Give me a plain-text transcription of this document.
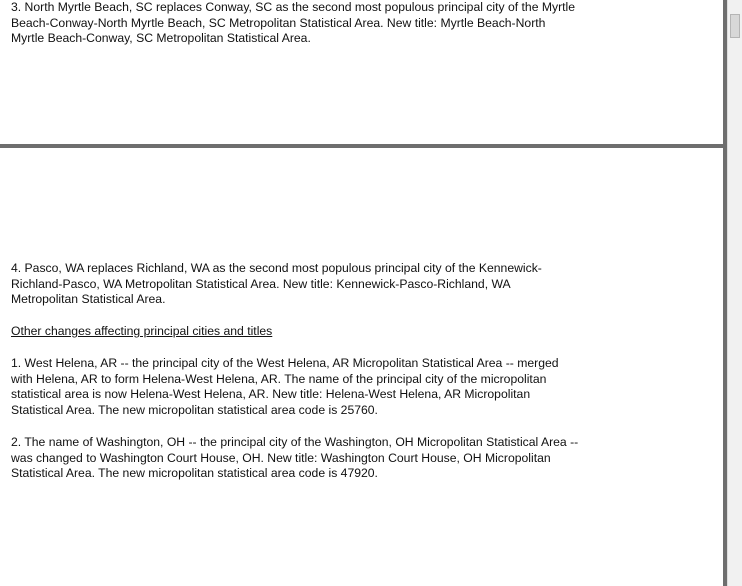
3. North Myrtle Beach, SC replaces Conway, SC as the second most populous principal city of the Myrtle
Beach-Conway-North Myrtle Beach, SC Metropolitan Statistical Area. New title: Myrtle Beach-North
Myrtle Beach-Conway, SC Metropolitan Statistical Area.
4. Pasco, WA replaces Richland, WA as the second most populous principal city of the Kennewick-
Richland-Pasco, WA Metropolitan Statistical Area. New title: Kennewick-Pasco-Richland, WA
Metropolitan Statistical Area.
Other changes affecting principal cities and titles
1. West Helena, AR -- the principal city of the West Helena, AR Micropolitan Statistical Area -- merged
with Helena, AR to form Helena-West Helena, AR. The name of the principal city of the micropolitan
statistical area is now Helena-West Helena, AR. New title: Helena-West Helena, AR Micropolitan
Statistical Area. The new micropolitan statistical area code is 25760.
2. The name of Washington, OH -- the principal city of the Washington, OH Micropolitan Statistical Area --
was changed to Washington Court House, OH. New title: Washington Court House, OH Micropolitan
Statistical Area. The new micropolitan statistical area code is 47920.
